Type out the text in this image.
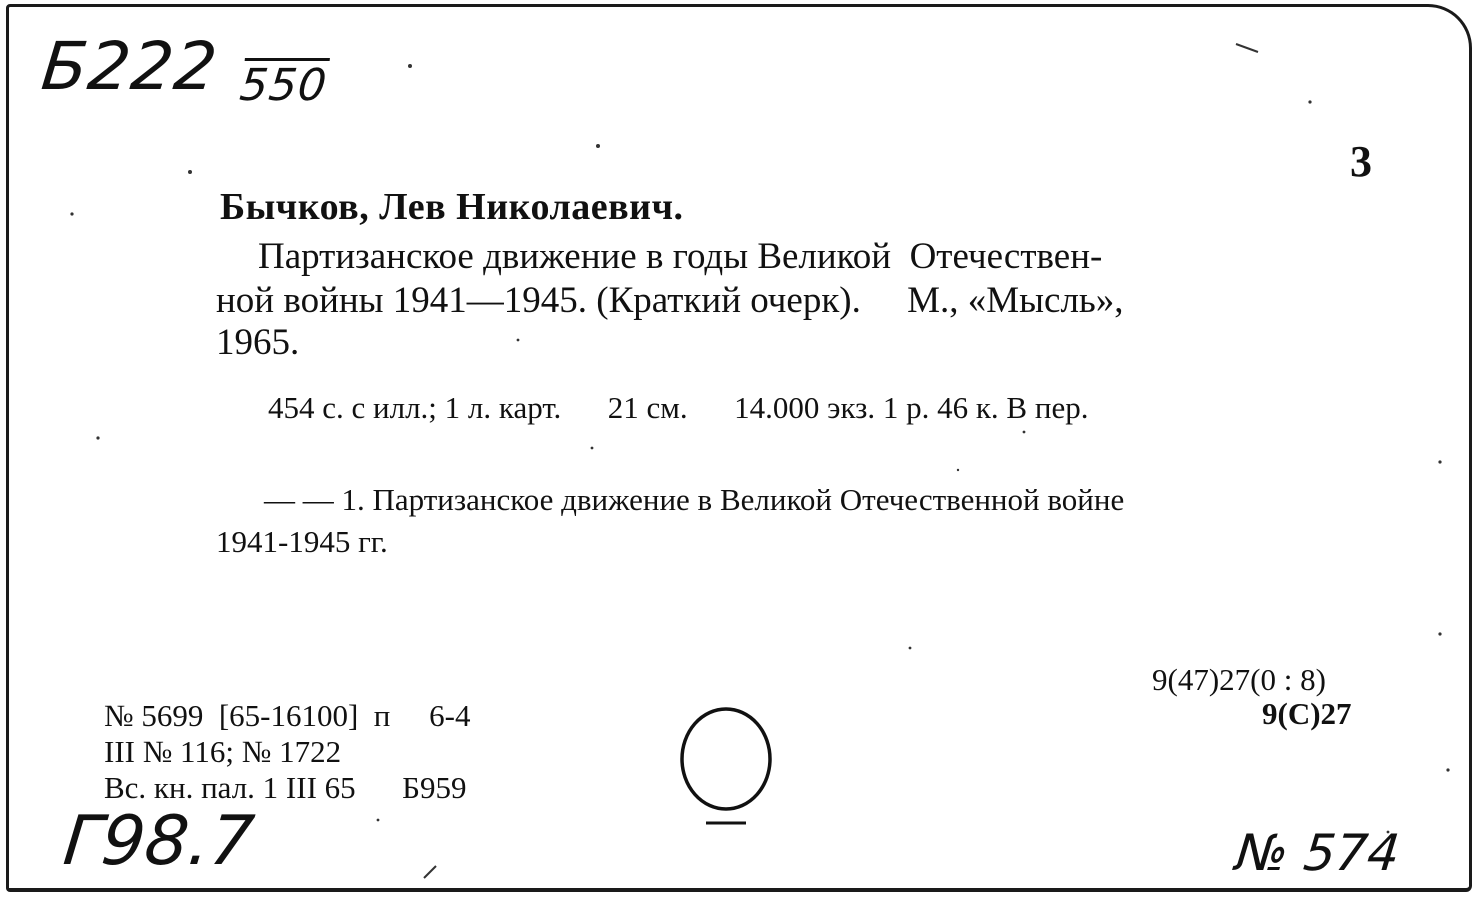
Б222 550
3
Бычков, Лев Николаевич.
Партизанское движение в годы Великой  Отечествен-
ной войны 1941—1945. (Краткий очерк).     М., «Мысль»,
1965.
454 с. с илл.; 1 л. карт.      21 см.      14.000 экз. 1 р. 46 к. В пер.
— — 1. Партизанское движение в Великой Отечественной войне
1941-1945 гг.
9(47)27(0 : 8)
9(С)27
№ 5699  [65-16100]  п     6-4
III № 116; № 1722
Вс. кн. пал. 1 III 65      Б959
Г98.7	№ 574
